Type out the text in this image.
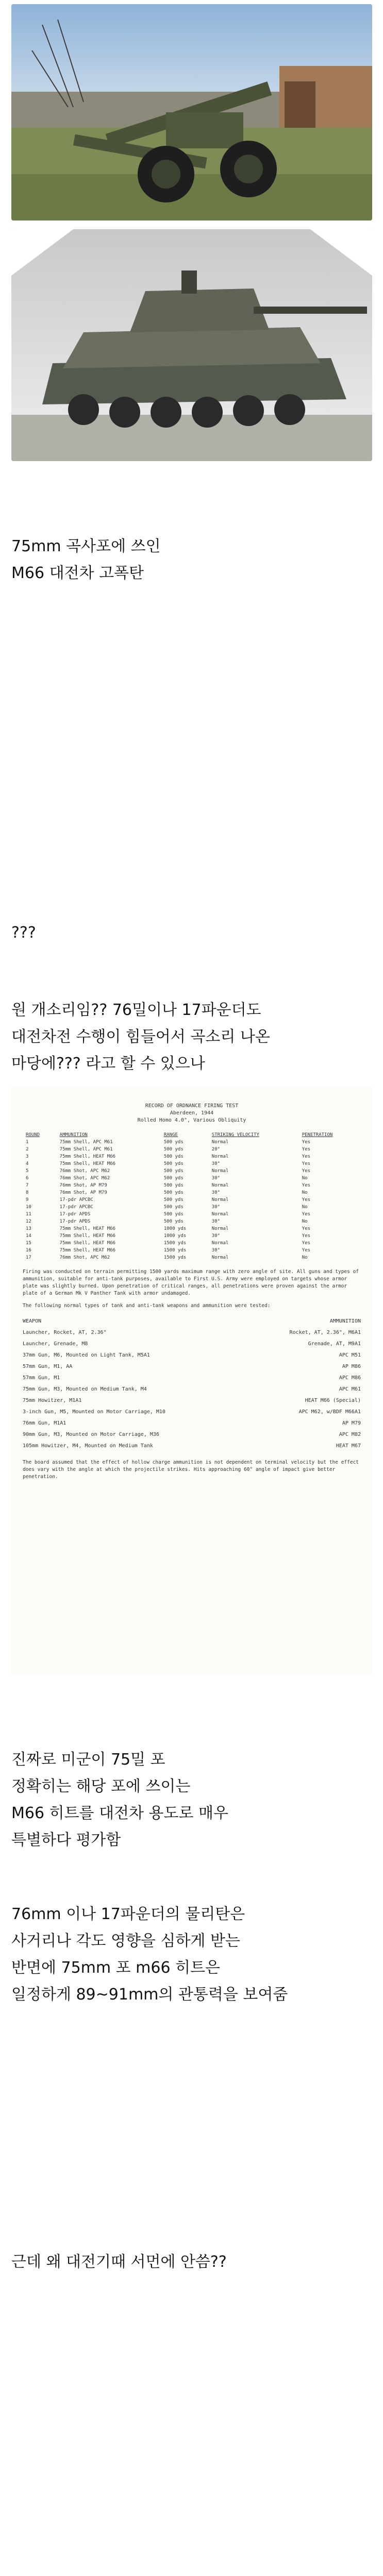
75mm 곡사포에 쓰인

M66 대전차 고폭탄

???

원 개소리임?? 76밀이나 17파운더도

대전차전 수행이 힘들어서 곡소리 나온

마당에??? 라고 할 수 있으나

RECORD OF ORDNANCE FIRING TEST
Aberdeen, 1944
Rolled Homo 4.0", Various Obliquity
ROUND	AMMUNITION	RANGE	STRIKING VELOCITY	PENETRATION
1	75mm Shell, APC M61	500 yds	Normal	Yes
2	75mm Shell, APC M61	500 yds	20°	Yes
3	75mm Shell, HEAT M66	500 yds	Normal	Yes
4	75mm Shell, HEAT M66	500 yds	30°	Yes
5	76mm Shot, APC M62	500 yds	Normal	Yes
6	76mm Shot, APC M62	500 yds	30°	No
7	76mm Shot, AP M79	500 yds	Normal	Yes
8	76mm Shot, AP M79	500 yds	30°	No
9	17-pdr APCBC	500 yds	Normal	Yes
10	17-pdr APCBC	500 yds	30°	No
11	17-pdr APDS	500 yds	Normal	Yes
12	17-pdr APDS	500 yds	30°	No
13	75mm Shell, HEAT M66	1000 yds	Normal	Yes
14	75mm Shell, HEAT M66	1000 yds	30°	Yes
15	75mm Shell, HEAT M66	1500 yds	Normal	Yes
16	75mm Shell, HEAT M66	1500 yds	30°	Yes
17	76mm Shot, APC M62	1500 yds	Normal	No

Firing was conducted on terrain permitting 1500 yards maximum range with zero angle of site. All guns and types of ammunition, suitable for anti-tank purposes, available to First U.S. Army were employed on targets whose armor plate was slightly burned. Upon penetration of critical ranges, all penetrations were proven against the armor plate of a German Mk V Panther Tank with armor undamaged.

The following normal types of tank and anti-tank weapons and ammunition were tested:

WEAPON	AMMUNITION
Launcher, Rocket, AT, 2.36"	Rocket, AT, 2.36", M6A1
Launcher, Grenade, M8	Grenade, AT, M9A1
37mm Gun, M6, Mounted on Light Tank, M5A1	APC M51
57mm Gun, M1, AA	AP M86
57mm Gun, M1	APC M86
75mm Gun, M3, Mounted on Medium Tank, M4	APC M61
75mm Howitzer, M1A1	HEAT M66 (Special)
3-inch Gun, M5, Mounted on Motor Carriage, M10	APC M62, w/BDF M66A1
76mm Gun, M1A1	AP M79
90mm Gun, M3, Mounted on Motor Carriage, M36	APC M82
105mm Howitzer, M4, Mounted on Medium Tank	HEAT M67

The board assumed that the effect of hollow charge ammunition is not dependent on terminal velocity but the effect does vary with the angle at which the projectile strikes. Hits approaching 60° angle of impact give better penetration.

진짜로 미군이 75밀 포

정확히는 해당 포에 쓰이는

M66 히트를 대전차 용도로 매우

특별하다 평가함

76mm 이나 17파운더의 물리탄은

사거리나 각도 영향을 심하게 받는

반면에 75mm 포 m66 히트은

일정하게 89~91mm의 관통력을 보여줌

근데 왜 대전기때 서먼에 안씀??
